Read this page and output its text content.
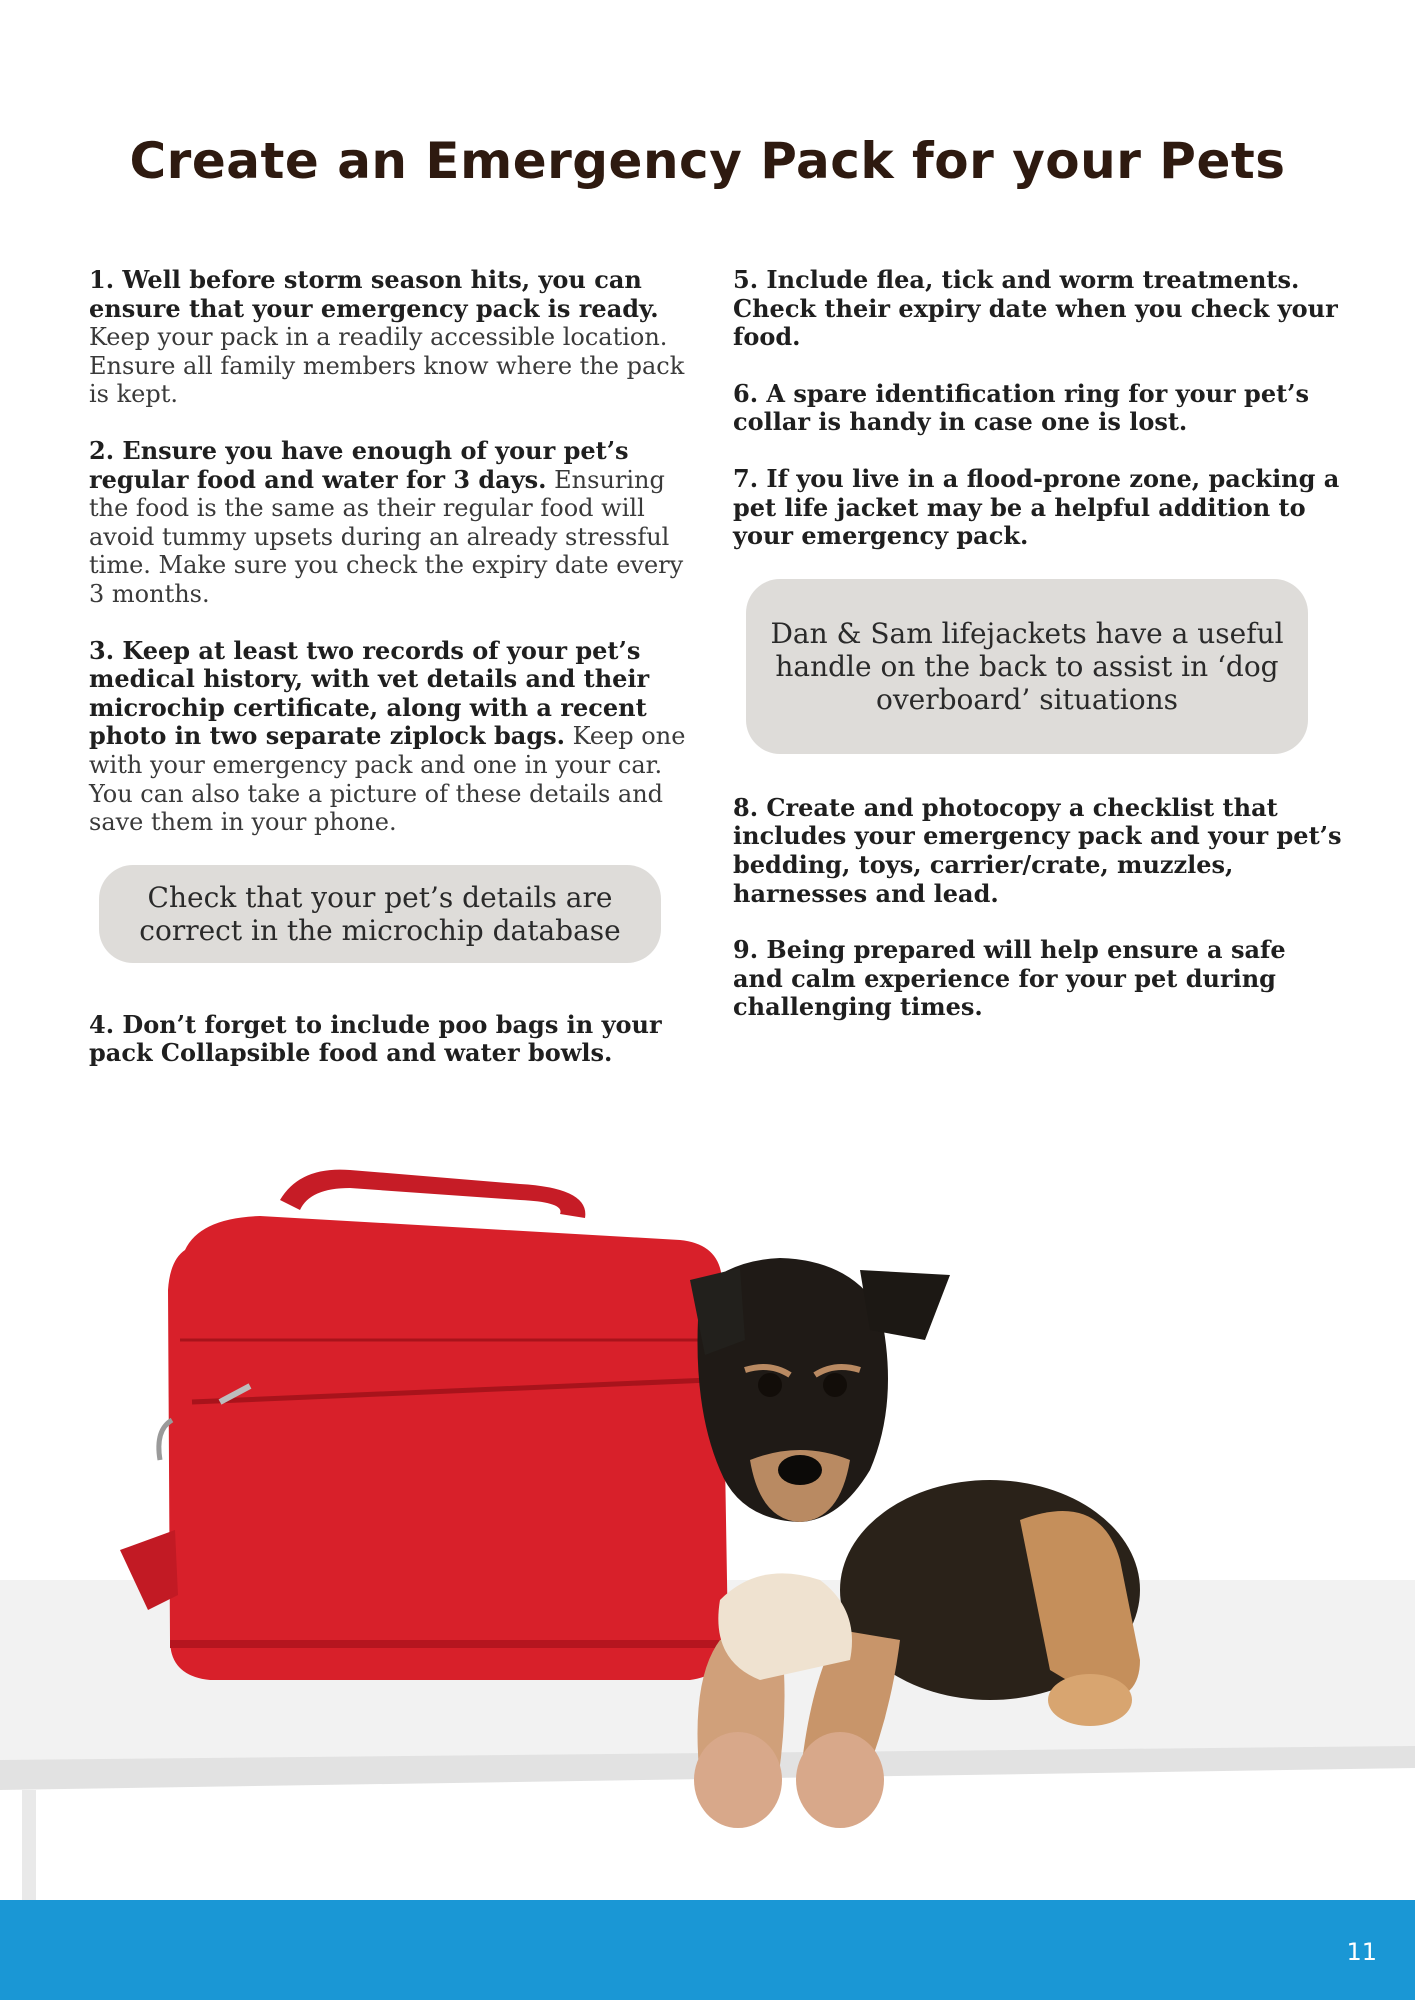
Create an Emergency Pack for your Pets

1. Well before storm season hits, you can ensure that your emergency pack is ready. Keep your pack in a readily accessible location. Ensure all family members know where the pack is kept.

2. Ensure you have enough of your pet’s regular food and water for 3 days. Ensuring the food is the same as their regular food will avoid tummy upsets during an already stressful time. Make sure you check the expiry date every 3 months.

3. Keep at least two records of your pet’s medical history, with vet details and their microchip certificate, along with a recent photo in two separate ziplock bags. Keep one with your emergency pack and one in your car. You can also take a picture of these details and save them in your phone.

Check that your pet’s details are correct in the microchip database

4. Don’t forget to include poo bags in your pack Collapsible food and water bowls.

5. Include flea, tick and worm treatments. Check their expiry date when you check your food.

6. A spare identification ring for your pet’s collar is handy in case one is lost.

7. If you live in a flood-prone zone, packing a pet life jacket may be a helpful addition to your emergency pack.

Dan & Sam lifejackets have a useful handle on the back to assist in ‘dog overboard’ situations

8. Create and photocopy a checklist that includes your emergency pack and your pet’s bedding, toys, carrier/crate, muzzles, harnesses and lead.

9. Being prepared will help ensure a safe and calm experience for your pet during challenging times.

11
